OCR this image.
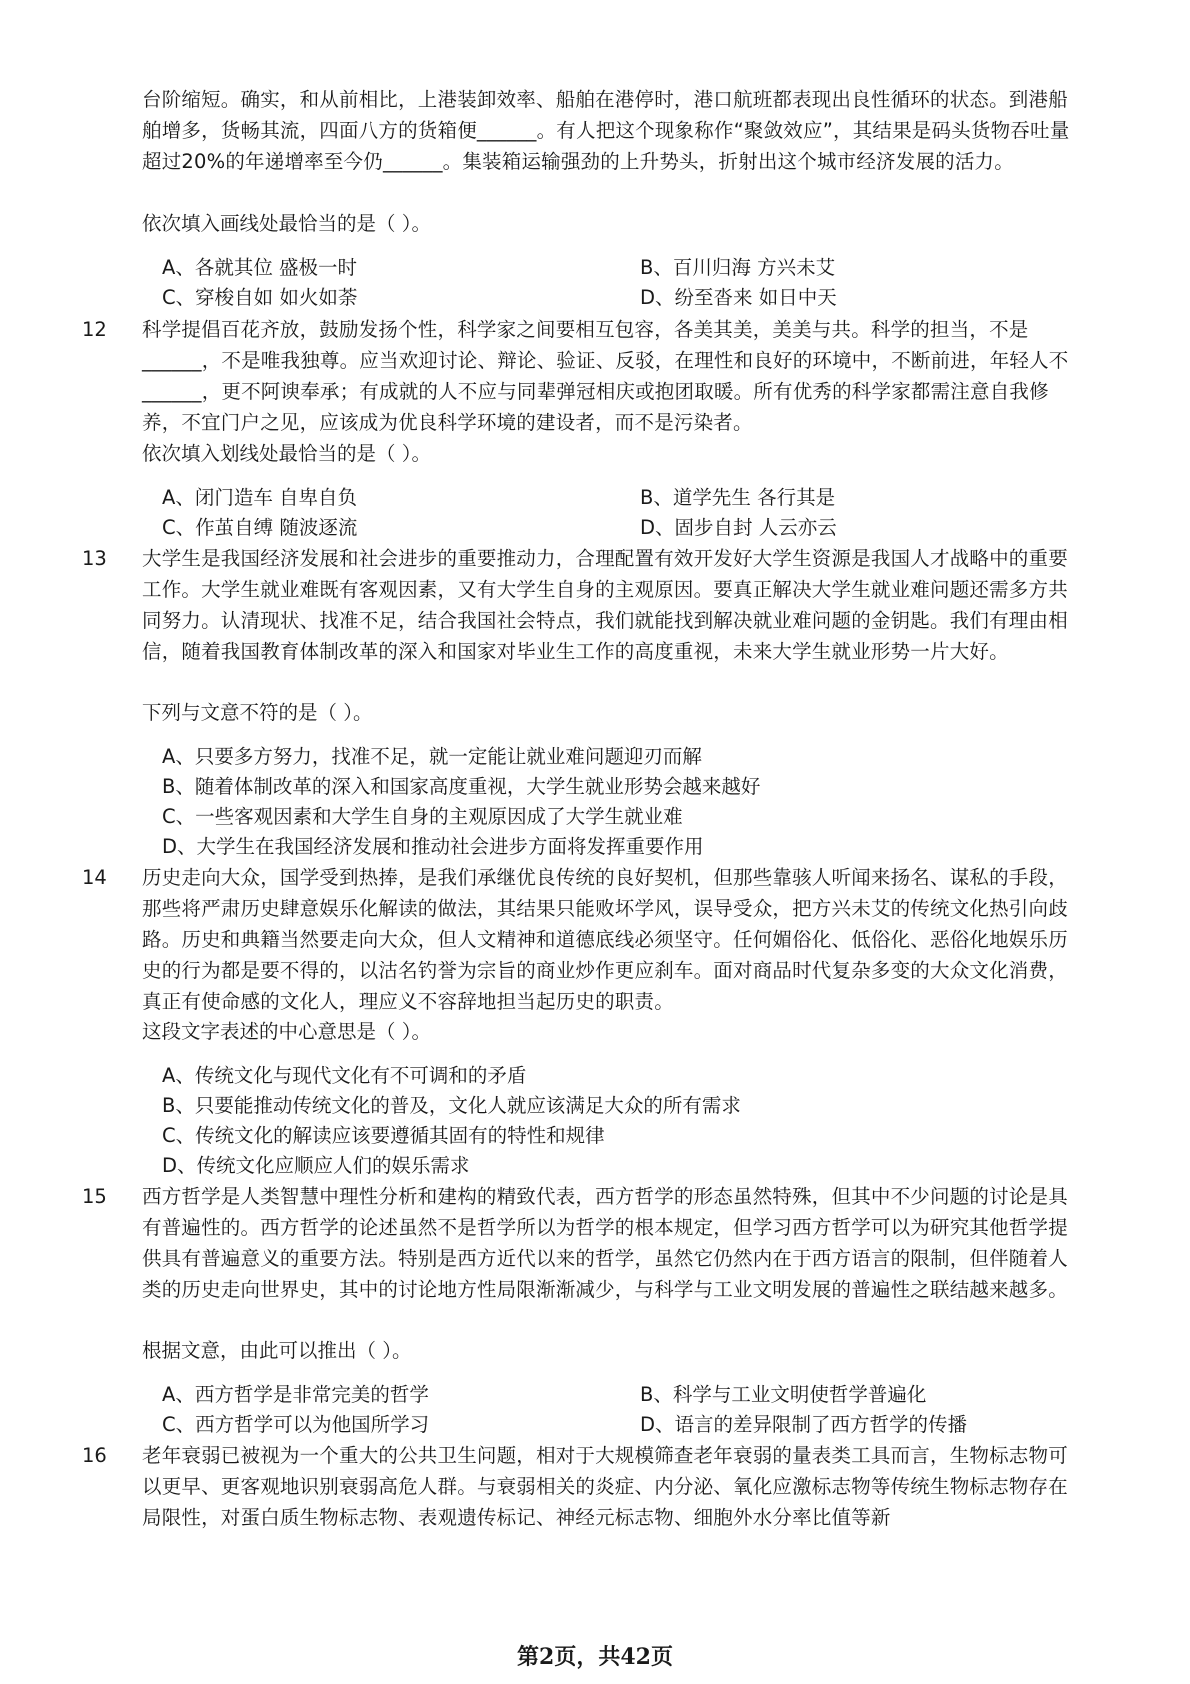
台阶缩短。确实，和从前相比，上港装卸效率、船舶在港停时，港口航班都表现出良性循环的状态。到港船舶增多，货畅其流，四面八方的货箱便______。有人把这个现象称作“聚敛效应”，其结果是码头货物吞吐量超过20%的年递增率至今仍______。集装箱运输强劲的上升势头，折射出这个城市经济发展的活力。
依次填入画线处最恰当的是（ ）。
A、各就其位 盛极一时	B、百川归海 方兴未艾
C、穿梭自如 如火如荼	D、纷至沓来 如日中天
12 科学提倡百花齐放，鼓励发扬个性，科学家之间要相互包容，各美其美，美美与共。科学的担当，不是______，不是唯我独尊。应当欢迎讨论、辩论、验证、反驳，在理性和良好的环境中，不断前进，年轻人不______，更不阿谀奉承；有成就的人不应与同辈弹冠相庆或抱团取暖。所有优秀的科学家都需注意自我修养，不宜门户之见，应该成为优良科学环境的建设者，而不是污染者。
依次填入划线处最恰当的是（ ）。
A、闭门造车 自卑自负	B、道学先生 各行其是
C、作茧自缚 随波逐流	D、固步自封 人云亦云
13 大学生是我国经济发展和社会进步的重要推动力，合理配置有效开发好大学生资源是我国人才战略中的重要工作。大学生就业难既有客观因素，又有大学生自身的主观原因。要真正解决大学生就业难问题还需多方共同努力。认清现状、找准不足，结合我国社会特点，我们就能找到解决就业难问题的金钥匙。我们有理由相信，随着我国教育体制改革的深入和国家对毕业生工作的高度重视，未来大学生就业形势一片大好。
下列与文意不符的是（ ）。
A、只要多方努力，找准不足，就一定能让就业难问题迎刃而解
B、随着体制改革的深入和国家高度重视，大学生就业形势会越来越好
C、一些客观因素和大学生自身的主观原因成了大学生就业难
D、大学生在我国经济发展和推动社会进步方面将发挥重要作用
14 历史走向大众，国学受到热捧，是我们承继优良传统的良好契机，但那些靠骇人听闻来扬名、谋私的手段，那些将严肃历史肆意娱乐化解读的做法，其结果只能败坏学风，误导受众，把方兴未艾的传统文化热引向歧路。历史和典籍当然要走向大众，但人文精神和道德底线必须坚守。任何媚俗化、低俗化、恶俗化地娱乐历史的行为都是要不得的，以沽名钓誉为宗旨的商业炒作更应刹车。面对商品时代复杂多变的大众文化消费，真正有使命感的文化人，理应义不容辞地担当起历史的职责。
这段文字表述的中心意思是（ ）。
A、传统文化与现代文化有不可调和的矛盾
B、只要能推动传统文化的普及，文化人就应该满足大众的所有需求
C、传统文化的解读应该要遵循其固有的特性和规律
D、传统文化应顺应人们的娱乐需求
15 西方哲学是人类智慧中理性分析和建构的精致代表，西方哲学的形态虽然特殊，但其中不少问题的讨论是具有普遍性的。西方哲学的论述虽然不是哲学所以为哲学的根本规定，但学习西方哲学可以为研究其他哲学提供具有普遍意义的重要方法。特别是西方近代以来的哲学，虽然它仍然内在于西方语言的限制，但伴随着人类的历史走向世界史，其中的讨论地方性局限渐渐减少，与科学与工业文明发展的普遍性之联结越来越多。
根据文意，由此可以推出（ ）。
A、西方哲学是非常完美的哲学	B、科学与工业文明使哲学普遍化
C、西方哲学可以为他国所学习	D、语言的差异限制了西方哲学的传播
16 老年衰弱已被视为一个重大的公共卫生问题，相对于大规模筛查老年衰弱的量表类工具而言，生物标志物可以更早、更客观地识别衰弱高危人群。与衰弱相关的炎症、内分泌、氧化应激标志物等传统生物标志物存在局限性，对蛋白质生物标志物、表观遗传标记、神经元标志物、细胞外水分率比值等新
第2页，共42页
